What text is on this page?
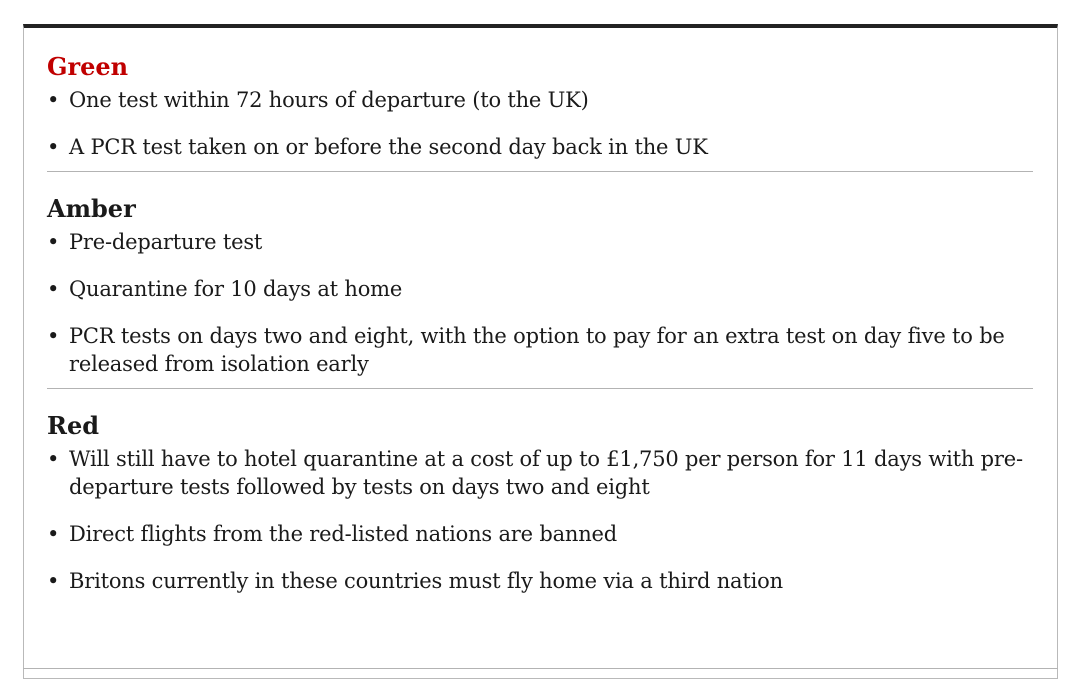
Green
• One test within 72 hours of departure (to the UK)
• A PCR test taken on or before the second day back in the UK
Amber
• Pre-departure test
• Quarantine for 10 days at home
• PCR tests on days two and eight, with the option to pay for an extra test on day five to be released from isolation early
Red
• Will still have to hotel quarantine at a cost of up to £1,750 per person for 11 days with pre-departure tests followed by tests on days two and eight
• Direct flights from the red-listed nations are banned
• Britons currently in these countries must fly home via a third nation
